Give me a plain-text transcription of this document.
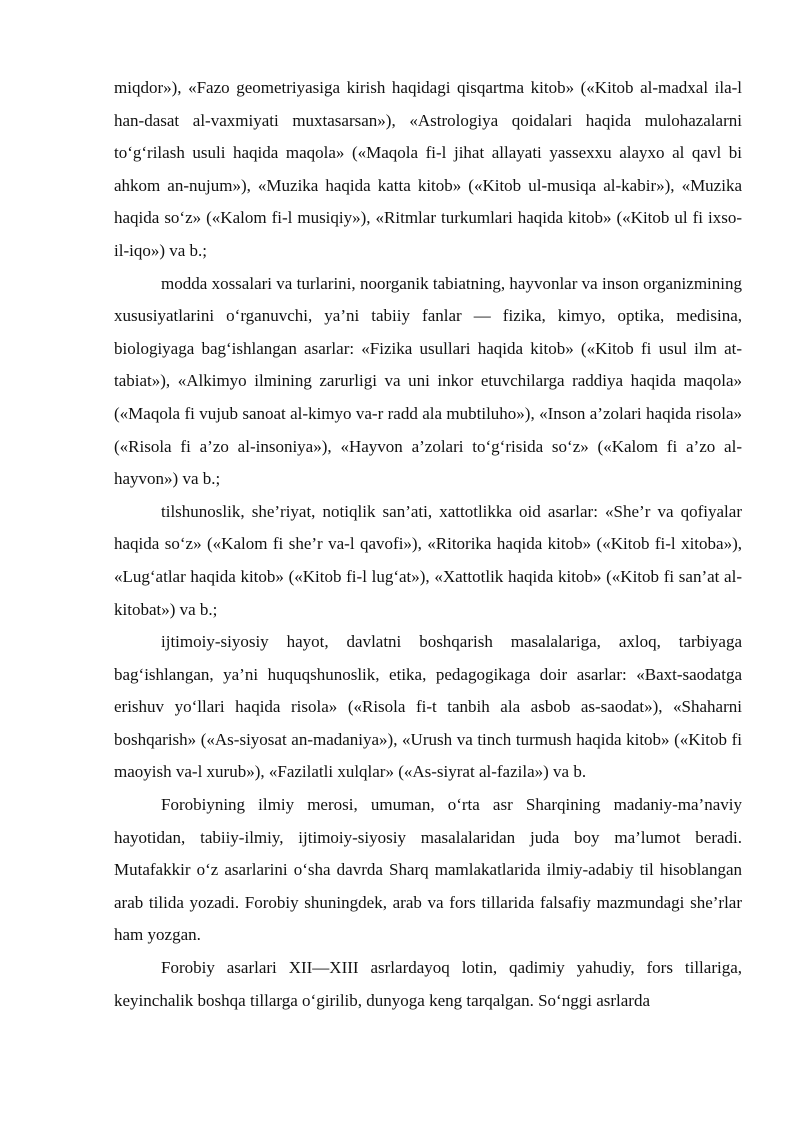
miqdor»), «Fazo geometriyasiga kirish haqidagi qisqartma kitob» («Kitob al-madxal ila-l han-dasat al-vaxmiyati muxtasarsan»), «Astrologiya qoidalari haqida mulohazalarni to‘g‘rilash usuli haqida maqola» («Maqola fi-l jihat allayati yassexxu alayxo al qavl bi ahkom an-nujum»), «Muzika haqida katta kitob» («Kitob ul-musiqa al-kabir»), «Muzika haqida so‘z» («Kalom fi-l musiqiy»), «Ritmlar turkumlari haqida kitob» («Kitob ul fi ixso-il-iqo») va b.;

modda xossalari va turlarini, noorganik tabiatning, hayvonlar va inson organizmining xususiyatlarini o‘rganuvchi, ya’ni tabiiy fanlar — fizika, kimyo, optika, medisina, biologiyaga bag‘ishlangan asarlar: «Fizika usullari haqida kitob» («Kitob fi usul ilm at-tabiat»), «Alkimyo ilmining zarurligi va uni inkor etuvchilarga raddiya haqida maqola» («Maqola fi vujub sanoat al-kimyo va-r radd ala mubtiluho»), «Inson a’zolari haqida risola» («Risola fi a’zo al-insoniya»), «Hayvon a’zolari to‘g‘risida so‘z» («Kalom fi a’zo al-hayvon») va b.;

tilshunoslik, she’riyat, notiqlik san’ati, xattotlikka oid asarlar: «She’r va qofiyalar haqida so‘z» («Kalom fi she’r va-l qavofi»), «Ritorika haqida kitob» («Kitob fi-l xitoba»), «Lug‘atlar haqida kitob» («Kitob fi-l lug‘at»), «Xattotlik haqida kitob» («Kitob fi san’at al-kitobat») va b.;

ijtimoiy-siyosiy hayot, davlatni boshqarish masalalariga, axloq, tarbiyaga bag‘ishlangan, ya’ni huquqshunoslik, etika, pedagogikaga doir asarlar: «Baxt-saodatga erishuv yo‘llari haqida risola» («Risola fi-t tanbih ala asbob as-saodat»), «Shaharni boshqarish» («As-siyosat an-madaniya»), «Urush va tinch turmush haqida kitob» («Kitob fi maoyish va-l xurub»), «Fazilatli xulqlar» («As-siyrat al-fazila») va b.

Forobiyning ilmiy merosi, umuman, o‘rta asr Sharqining madaniy-ma’naviy hayotidan, tabiiy-ilmiy, ijtimoiy-siyosiy masalalaridan juda boy ma’lumot beradi. Mutafakkir o‘z asarlarini o‘sha davrda Sharq mamlakatlarida ilmiy-adabiy til hisoblangan arab tilida yozadi. Forobiy shuningdek, arab va fors tillarida falsafiy mazmundagi she’rlar ham yozgan.

Forobiy asarlari XII—XIII asrlardayoq lotin, qadimiy yahudiy, fors tillariga, keyinchalik boshqa tillarga o‘girilib, dunyoga keng tarqalgan. So‘nggi asrlarda
